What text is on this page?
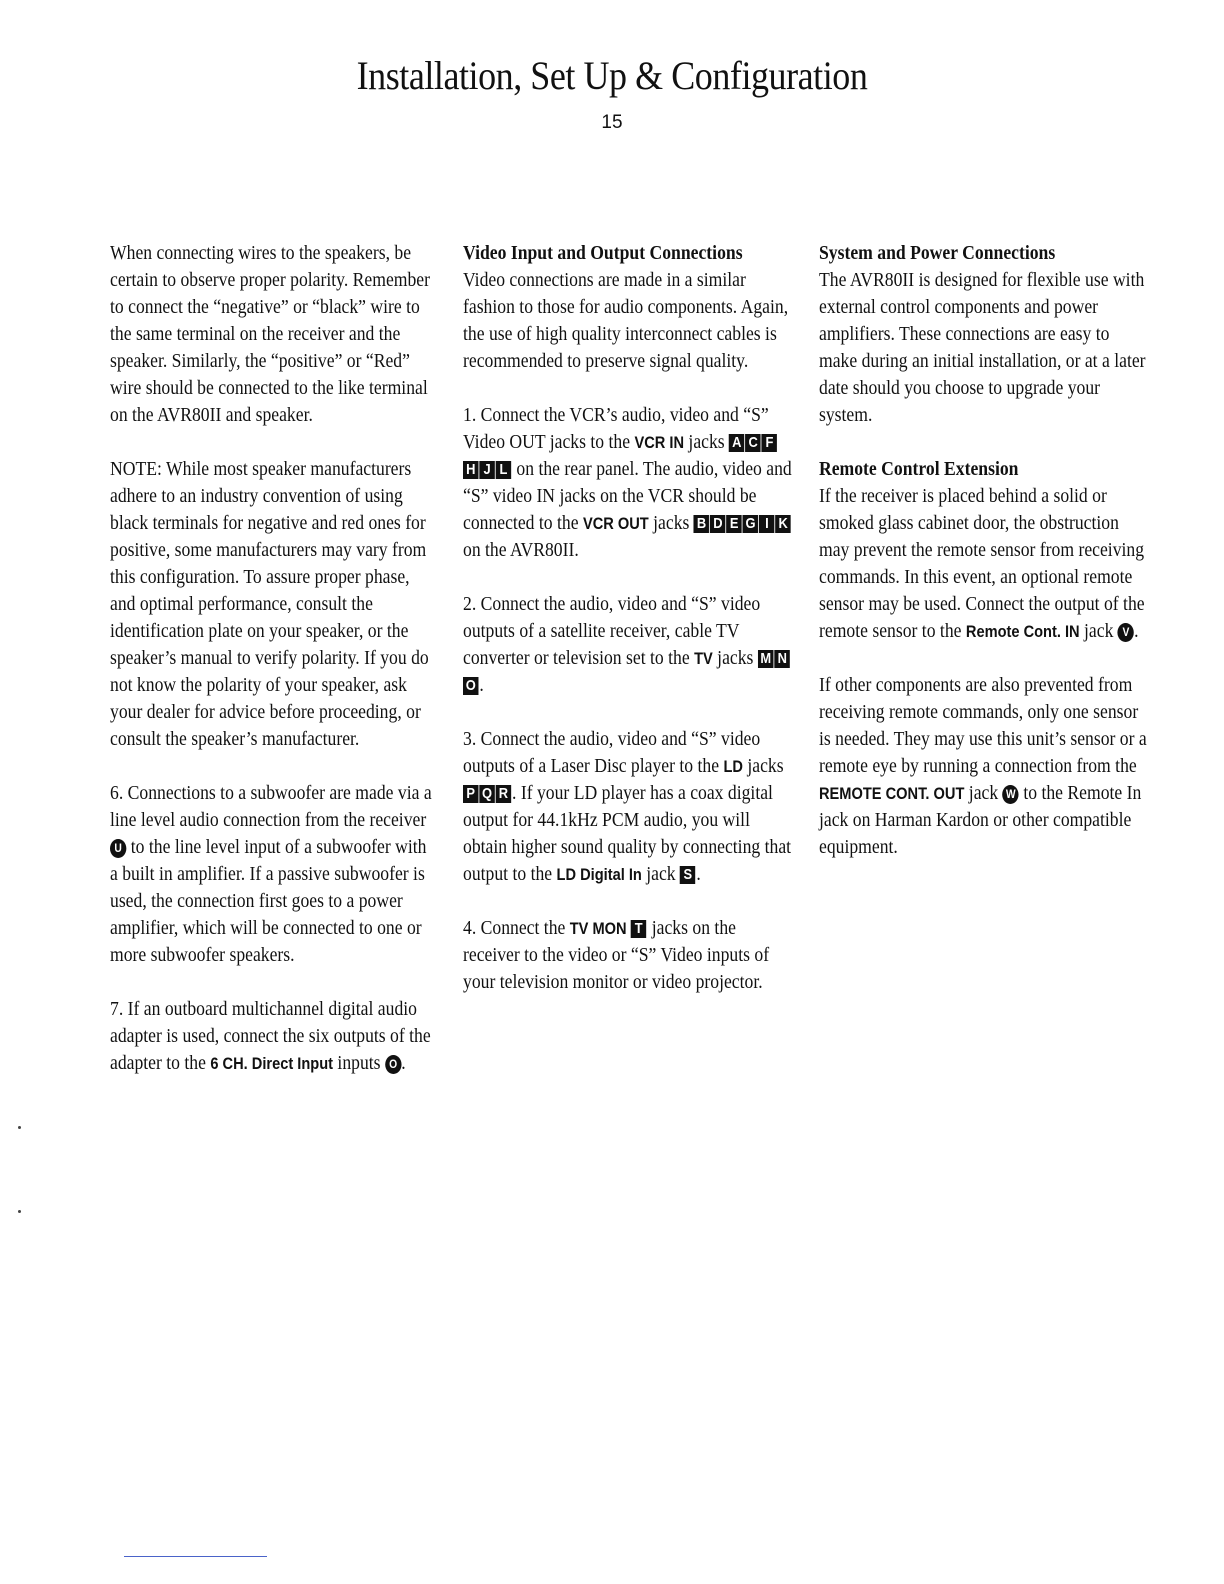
Installation, Set Up & Configuration
15

When connecting wires to the speakers, be certain to observe proper polarity. Remember to connect the “negative” or “black” wire to the same terminal on the receiver and the speaker. Similarly, the “positive” or “Red” wire should be connected to the like terminal on the AVR80II and speaker.

NOTE: While most speaker manufacturers adhere to an industry convention of using black terminals for negative and red ones for positive, some manufacturers may vary from this configuration. To assure proper phase, and optimal performance, consult the identification plate on your speaker, or the speaker’s manual to verify polarity. If you do not know the polarity of your speaker, ask your dealer for advice before proceeding, or consult the speaker’s manufacturer.

6. Connections to a subwoofer are made via a line level audio connection from the receiver U to the line level input of a subwoofer with a built in amplifier. If a passive subwoofer is used, the connection first goes to a power amplifier, which will be connected to one or more subwoofer speakers.

7. If an outboard multichannel digital audio adapter is used, connect the six outputs of the adapter to the 6 CH. Direct Input inputs O .

Video Input and Output Connections

Video connections are made in a similar fashion to those for audio components. Again, the use of high quality interconnect cables is recommended to preserve signal quality.

1. Connect the VCR’s audio, video and “S” Video OUT jacks to the VCR IN jacks A C FH J L on the rear panel. The audio, video and “S” video IN jacks on the VCR should be connected to the VCR OUT jacks B D E G I K on the AVR80II.

2. Connect the audio, video and “S” video outputs of a satellite receiver, cable TV converter or television set to the TV jacks M NO .

3. Connect the audio, video and “S” video outputs of a Laser Disc player to the LD jacks P Q R . If your LD player has a coax digital output for 44.1kHz PCM audio, you will obtain higher sound quality by connecting that output to the LD Digital In jack S .

4. Connect the TV MON T jacks on the receiver to the video or “S” Video inputs of your television monitor or video projector.

System and Power Connections

The AVR80II is designed for flexible use with external control components and power amplifiers. These connections are easy to make during an initial installation, or at a later date should you choose to upgrade your system.

Remote Control Extension

If the receiver is placed behind a solid or smoked glass cabinet door, the obstruction may prevent the remote sensor from receiving commands. In this event, an optional remote sensor may be used. Connect the output of the remote sensor to the Remote Cont. IN jack V .

If other components are also prevented from receiving remote commands, only one sensor is needed. They may use this unit’s sensor or a remote eye by running a connection from the REMOTE CONT. OUT jack W to the Remote In jack on Harman Kardon or other compatible equipment.
